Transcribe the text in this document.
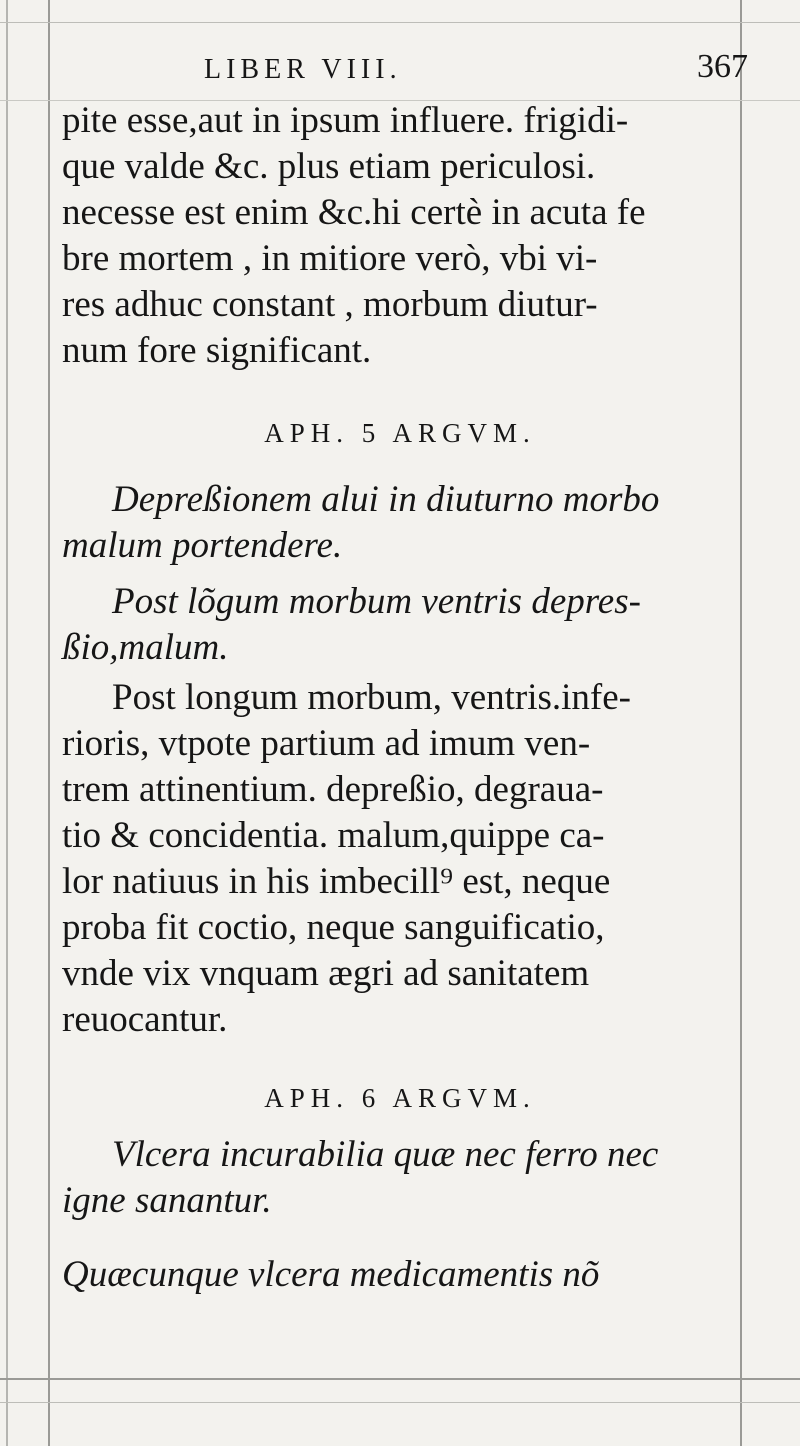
LIBER VIII.	367
pite esse,aut in ipsum influere. frigidi-
que valde &c. plus etiam periculosi.
necesse est enim &c.hi certè in acuta fe
bre mortem , in mitiore verò, vbi vi-
res adhuc constant , morbum diutur-
num fore significant.
APH. 5 ARGVM.
Depreßionem alui in diuturno morbo
malum portendere.
Post lõgum morbum ventris depres-
ßio,malum.
Post longum morbum, ventris.infe-
rioris, vtpote partium ad imum ven-
trem attinentium. depreßio, degraua-
tio & concidentia. malum,quippe ca-
lor natiuus in his imbecill⁹ est, neque
proba fit coctio, neque sanguificatio,
vnde vix vnquam ægri ad sanitatem
reuocantur.
APH. 6 ARGVM.
Vlcera incurabilia quæ nec ferro nec
igne sanantur.
Quæcunque vlcera medicamentis nõ
